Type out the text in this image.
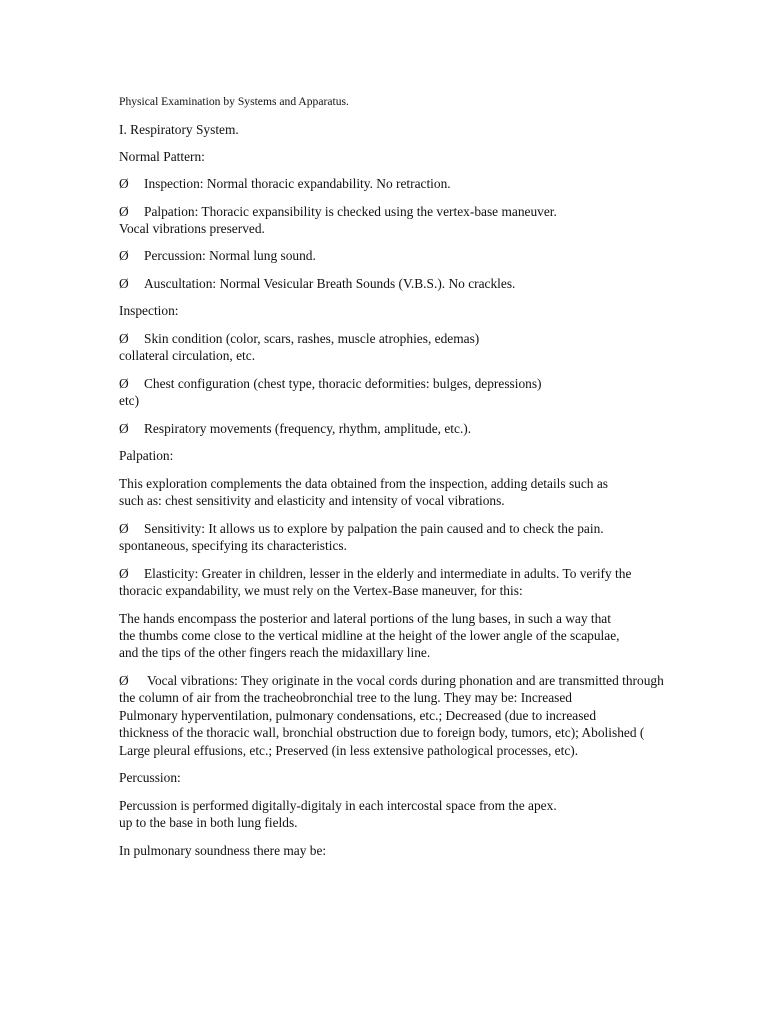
Physical Examination by Systems and Apparatus.
I. Respiratory System.
Normal Pattern:
Ø Inspection: Normal thoracic expandability. No retraction.
Ø Palpation: Thoracic expansibility is checked using the vertex-base maneuver.
Vocal vibrations preserved.
Ø Percussion: Normal lung sound.
Ø Auscultation: Normal Vesicular Breath Sounds (V.B.S.). No crackles.
Inspection:
Ø Skin condition (color, scars, rashes, muscle atrophies, edemas)
collateral circulation, etc.
Ø Chest configuration (chest type, thoracic deformities: bulges, depressions)
etc)
Ø Respiratory movements (frequency, rhythm, amplitude, etc.).
Palpation:
This exploration complements the data obtained from the inspection, adding details such as
such as: chest sensitivity and elasticity and intensity of vocal vibrations.
Ø Sensitivity: It allows us to explore by palpation the pain caused and to check the pain.
spontaneous, specifying its characteristics.
Ø Elasticity: Greater in children, lesser in the elderly and intermediate in adults. To verify the
thoracic expandability, we must rely on the Vertex-Base maneuver, for this:
The hands encompass the posterior and lateral portions of the lung bases, in such a way that
the thumbs come close to the vertical midline at the height of the lower angle of the scapulae,
and the tips of the other fingers reach the midaxillary line.
Ø Vocal vibrations: They originate in the vocal cords during phonation and are transmitted through
the column of air from the tracheobronchial tree to the lung. They may be: Increased
Pulmonary hyperventilation, pulmonary condensations, etc.; Decreased (due to increased
thickness of the thoracic wall, bronchial obstruction due to foreign body, tumors, etc); Abolished (
Large pleural effusions, etc.; Preserved (in less extensive pathological processes, etc).
Percussion:
Percussion is performed digitally-digitaly in each intercostal space from the apex.
up to the base in both lung fields.
In pulmonary soundness there may be:
